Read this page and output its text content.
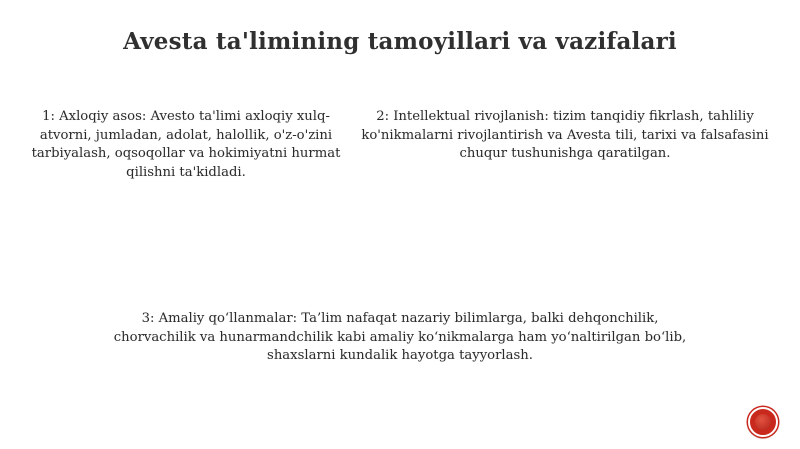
Avesta ta'limining tamoyillari va vazifalari

1: Axloqiy asos: Avesto ta'limi axloqiy xulq-atvorni, jumladan, adolat, halollik, o'z-o'zini tarbiyalash, oqsoqollar va hokimiyatni hurmat qilishni ta'kidladi.

2: Intellektual rivojlanish: tizim tanqidiy fikrlash, tahliliy ko'nikmalarni rivojlantirish va Avesta tili, tarixi va falsafasini chuqur tushunishga qaratilgan.

3: Amaliy qo‘llanmalar: Ta’lim nafaqat nazariy bilimlarga, balki dehqonchilik, chorvachilik va hunarmandchilik kabi amaliy ko‘nikmalarga ham yo‘naltirilgan bo‘lib, shaxslarni kundalik hayotga tayyorlash.
